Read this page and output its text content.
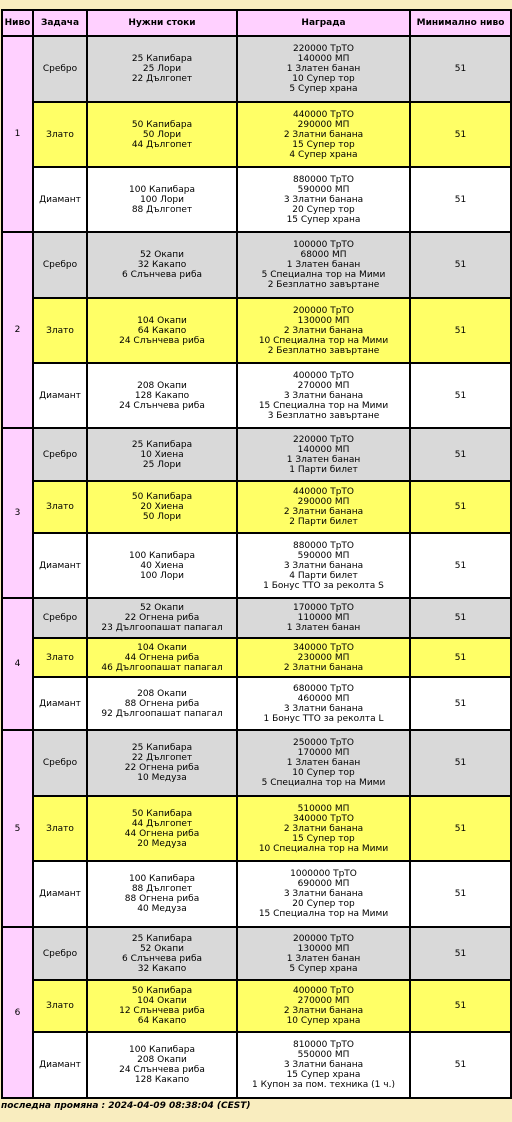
Ниво	Задача	Нужни стоки	Награда	Минимално ниво
1	Сребро	25 Капибара
25 Лори
22 Дългопет	220000 ТрТО
140000 МП
1 Златен банан
10 Супер тор
5 Супер храна	51
	Злато	50 Капибара
50 Лори
44 Дългопет	440000 ТрТО
290000 МП
2 Златни банана
15 Супер тор
4 Супер храна	51
	Диамант	100 Капибара
100 Лори
88 Дългопет	880000 ТрТО
590000 МП
3 Златни банана
20 Супер тор
15 Супер храна	51
2	Сребро	52 Окапи
32 Какапо
6 Слънчева риба	100000 ТрТО
68000 МП
1 Златен банан
5 Специална тор на Мими
2 Безплатно завъртане	51
	Злато	104 Окапи
64 Какапо
24 Слънчева риба	200000 ТрТО
130000 МП
2 Златни банана
10 Специална тор на Мими
2 Безплатно завъртане	51
	Диамант	208 Окапи
128 Какапо
24 Слънчева риба	400000 ТрТО
270000 МП
3 Златни банана
15 Специална тор на Мими
3 Безплатно завъртане	51
3	Сребро	25 Капибара
10 Хиена
25 Лори	220000 ТрТО
140000 МП
1 Златен банан
1 Парти билет	51
	Злато	50 Капибара
20 Хиена
50 Лори	440000 ТрТО
290000 МП
2 Златни банана
2 Парти билет	51
	Диамант	100 Капибара
40 Хиена
100 Лори	880000 ТрТО
590000 МП
3 Златни банана
4 Парти билет
1 Бонус ТТО за реколта S	51
4	Сребро	52 Окапи
22 Огнена риба
23 Дългоопашат папагал	170000 ТрТО
110000 МП
1 Златен банан	51
	Злато	104 Окапи
44 Огнена риба
46 Дългоопашат папагал	340000 ТрТО
230000 МП
2 Златни банана	51
	Диамант	208 Окапи
88 Огнена риба
92 Дългоопашат папагал	680000 ТрТО
460000 МП
3 Златни банана
1 Бонус ТТО за реколта L	51
5	Сребро	25 Капибара
22 Дългопет
22 Огнена риба
10 Медуза	250000 ТрТО
170000 МП
1 Златен банан
10 Супер тор
5 Специална тор на Мими	51
	Злато	50 Капибара
44 Дългопет
44 Огнена риба
20 Медуза	510000 МП
340000 ТрТО
2 Златни банана
15 Супер тор
10 Специална тор на Мими	51
	Диамант	100 Капибара
88 Дългопет
88 Огнена риба
40 Медуза	1000000 ТрТО
690000 МП
3 Златни банана
20 Супер тор
15 Специална тор на Мими	51
6	Сребро	25 Капибара
52 Окапи
6 Слънчева риба
32 Какапо	200000 ТрТО
130000 МП
1 Златен банан
5 Супер храна	51
	Злато	50 Капибара
104 Окапи
12 Слънчева риба
64 Какапо	400000 ТрТО
270000 МП
2 Златни банана
10 Супер храна	51
	Диамант	100 Капибара
208 Окапи
24 Слънчева риба
128 Какапо	810000 ТрТО
550000 МП
3 Златни банана
15 Супер храна
1 Купон за пом. техника (1 ч.)	51
последна промяна : 2024-04-09 08:38:04 (CEST)
